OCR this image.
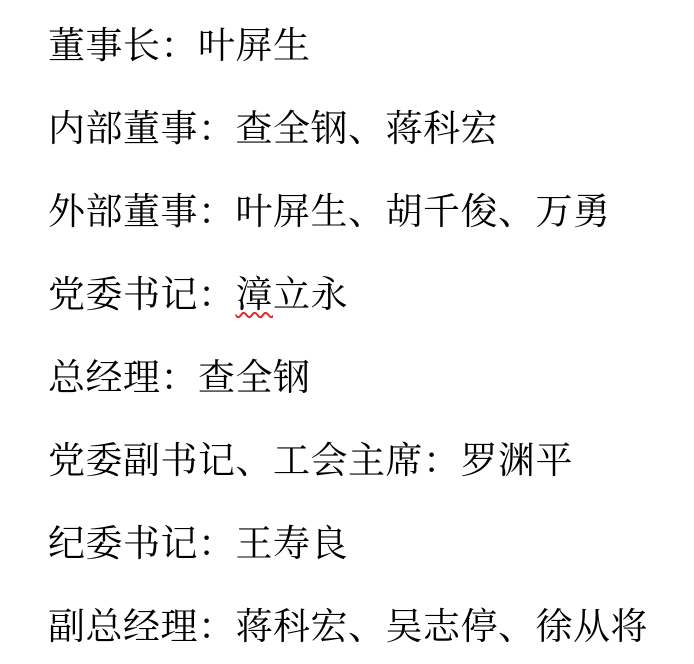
董事长：叶屏生

内部董事：查全钢、蒋科宏

外部董事：叶屏生、胡千俊、万勇

党委书记： 漳 立永

总经理：查全钢

党委副书记、工会主席：罗渊平

纪委书记：王寿良

副总经理：蒋科宏、吴志停、徐从将
